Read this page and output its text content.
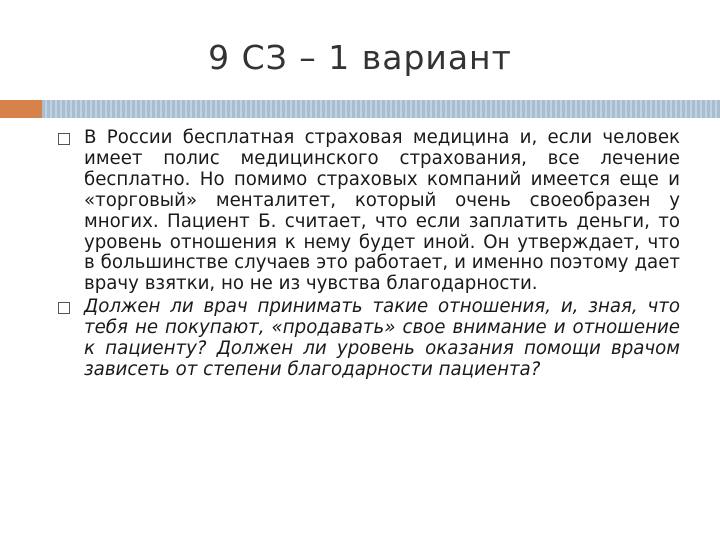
9 СЗ – 1 вариант
В России бесплатная страховая медицина и, если человек имеет полис медицинского страхования, все лечение бесплатно. Но помимо страховых компаний имеется еще и «торговый» менталитет, который очень своеобразен у многих. Пациент Б. считает, что если заплатить деньги, то уровень отношения к нему будет иной. Он утверждает, что в большинстве случаев это работает, и именно поэтому дает врачу взятки, но не из чувства благодарности.
Должен ли врач принимать такие отношения, и, зная, что тебя не покупают, «продавать» свое внимание и отношение к пациенту? Должен ли уровень оказания помощи врачом зависеть от степени благодарности пациента?
